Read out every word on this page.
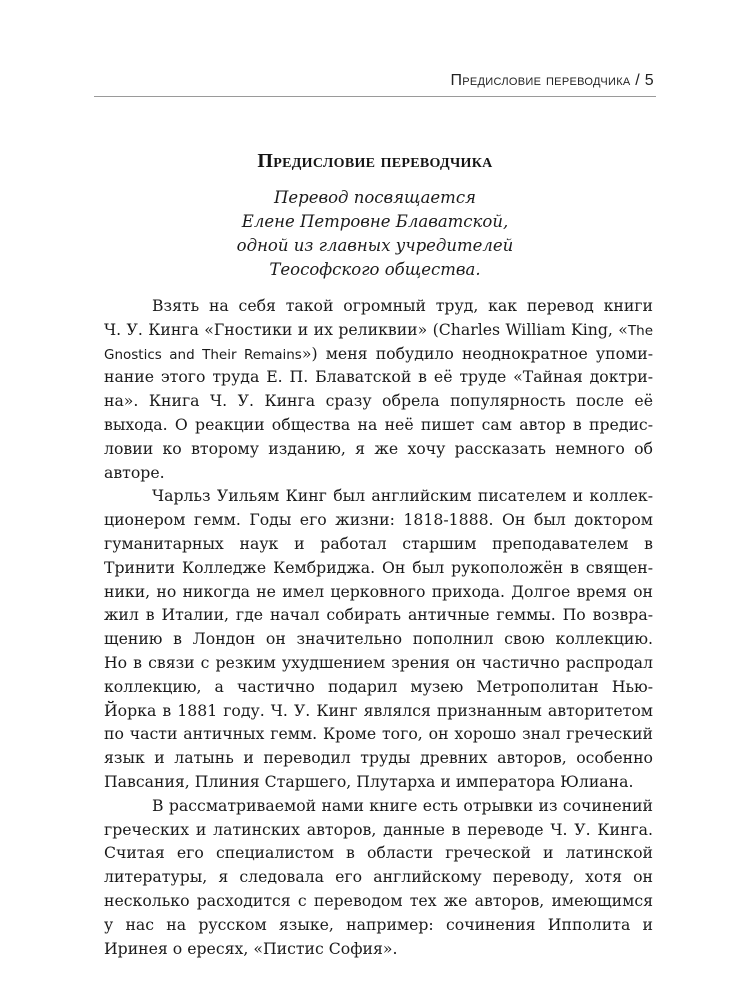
Предисловие переводчика / 5
Предисловие переводчика
Перевод посвящается
Елене Петровне Блаватской,
одной из главных учредителей
Теософского общества.
Взять на себя такой огромный труд, как перевод книги
Ч. У. Кинга «Гностики и их реликвии» (Charles William King, «The
Gnostics and Their Remains») меня побудило неоднократное упоми-
нание этого труда Е. П. Блаватской в её труде «Тайная доктри-
на». Книга Ч. У. Кинга сразу обрела популярность после её
выхода. О реакции общества на неё пишет сам автор в предис-
ловии ко второму изданию, я же хочу рассказать немного об
авторе.
Чарльз Уильям Кинг был английским писателем и коллек-
ционером гемм. Годы его жизни: 1818-1888. Он был доктором
гуманитарных наук и работал старшим преподавателем в
Тринити Колледже Кембриджа. Он был рукоположён в священ-
ники, но никогда не имел церковного прихода. Долгое время он
жил в Италии, где начал собирать античные геммы. По возвра-
щению в Лондон он значительно пополнил свою коллекцию.
Но в связи с резким ухудшением зрения он частично распродал
коллекцию, а частично подарил музею Метрополитан Нью-
Йорка в 1881 году. Ч. У. Кинг являлся признанным авторитетом
по части античных гемм. Кроме того, он хорошо знал греческий
язык и латынь и переводил труды древних авторов, особенно
Павсания, Плиния Старшего, Плутарха и императора Юлиана.
В рассматриваемой нами книге есть отрывки из сочинений
греческих и латинских авторов, данные в переводе Ч. У. Кинга.
Считая его специалистом в области греческой и латинской
литературы, я следовала его английскому переводу, хотя он
несколько расходится с переводом тех же авторов, имеющимся
у нас на русском языке, например: сочинения Ипполита и
Иринея о ересях, «Пистис София».
